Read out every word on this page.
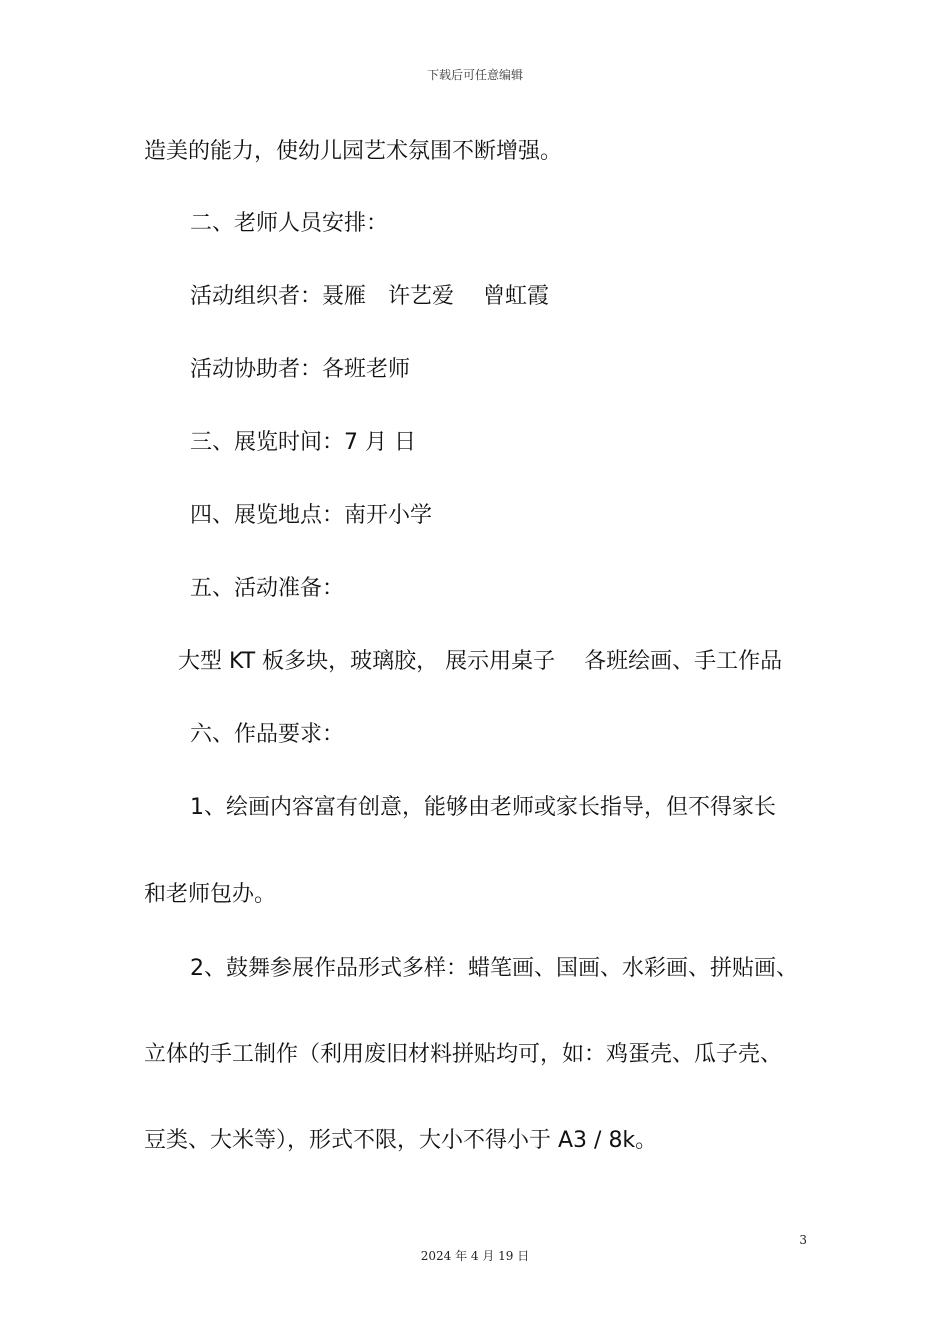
下载后可任意编辑
造美的能力，使幼儿园艺术氛围不断增强。
二、老师人员安排：
活动组织者：聂雁　许艺爱　 曾虹霞
活动协助者：各班老师
三、展览时间：7 月 日
四、展览地点：南开小学
五、活动准备：
大型 KT 板多块，玻璃胶， 展示用桌子　 各班绘画、手工作品
六、作品要求：
1、绘画内容富有创意，能够由老师或家长指导，但不得家长
和老师包办。
2、鼓舞参展作品形式多样：蜡笔画、国画、水彩画、拼贴画、
立体的手工制作（利用废旧材料拼贴均可，如：鸡蛋壳、瓜子壳、
豆类、大米等），形式不限，大小不得小于 A3 / 8k。
3
2024 年 4 月 19 日
